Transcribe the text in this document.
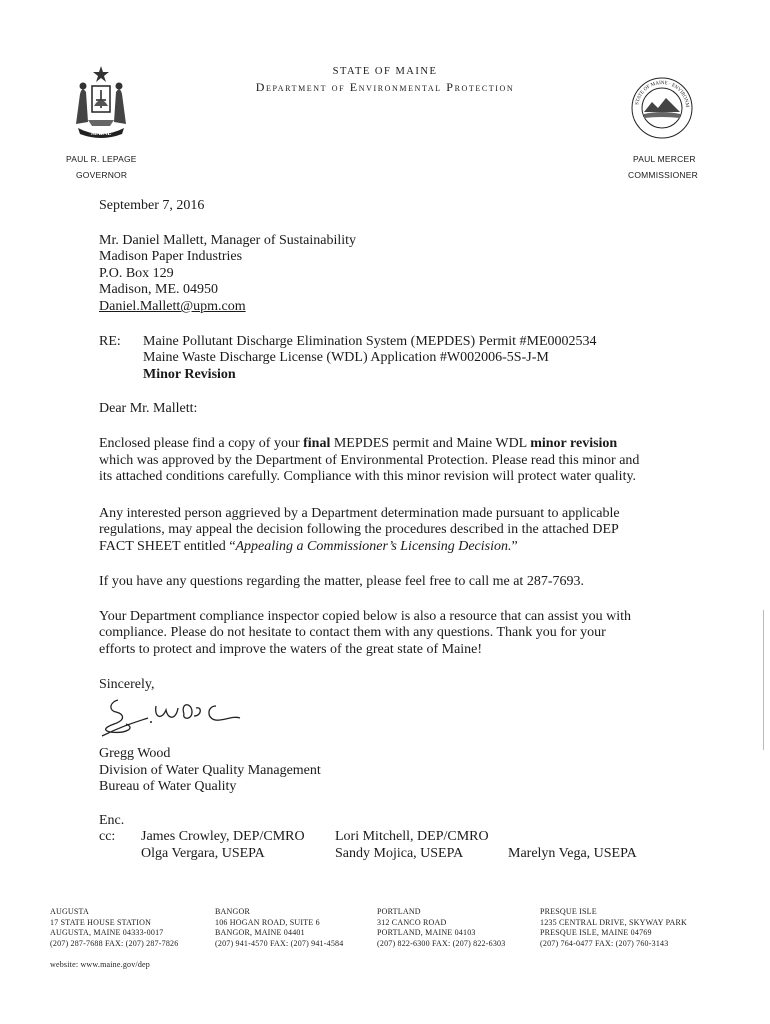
STATE OF MAINE
Department of Environmental Protection
MAINE
STATE OF MAINE · ENVIRONM
PAUL R. LEPAGE
GOVERNOR
PAUL MERCER
COMMISSIONER
September 7, 2016
Mr. Daniel Mallett, Manager of Sustainability
Madison Paper Industries
P.O. Box 129
Madison, ME. 04950
Daniel.Mallett@upm.com
RE: Maine Pollutant Discharge Elimination System (MEPDES) Permit #ME0002534
Maine Waste Discharge License (WDL) Application #W002006-5S-J-M
Minor Revision
Dear Mr. Mallett:
Enclosed please find a copy of your final MEPDES permit and Maine WDL minor revision
which was approved by the Department of Environmental Protection. Please read this minor and
its attached conditions carefully. Compliance with this minor revision will protect water quality.
Any interested person aggrieved by a Department determination made pursuant to applicable
regulations, may appeal the decision following the procedures described in the attached DEP
FACT SHEET entitled “Appealing a Commissioner’s Licensing Decision.”
If you have any questions regarding the matter, please feel free to call me at 287-7693.
Your Department compliance inspector copied below is also a resource that can assist you with
compliance. Please do not hesitate to contact them with any questions. Thank you for your
efforts to protect and improve the waters of the great state of Maine!
Sincerely,
Gregg Wood
Division of Water Quality Management
Bureau of Water Quality
Enc.
cc: James Crowley, DEP/CMRO Lori Mitchell, DEP/CMRO
Olga Vergara, USEPA	Sandy Mojica, USEPA	Marelyn Vega, USEPA
AUGUSTA
17 STATE HOUSE STATION
AUGUSTA, MAINE 04333-0017
(207) 287-7688 FAX: (207) 287-7826
BANGOR
106 HOGAN ROAD, SUITE 6
BANGOR, MAINE 04401
(207) 941-4570 FAX: (207) 941-4584
PORTLAND
312 CANCO ROAD
PORTLAND, MAINE 04103
(207) 822-6300 FAX: (207) 822-6303
PRESQUE ISLE
1235 CENTRAL DRIVE, SKYWAY PARK
PRESQUE ISLE, MAINE 04769
(207) 764-0477 FAX: (207) 760-3143
website: www.maine.gov/dep
